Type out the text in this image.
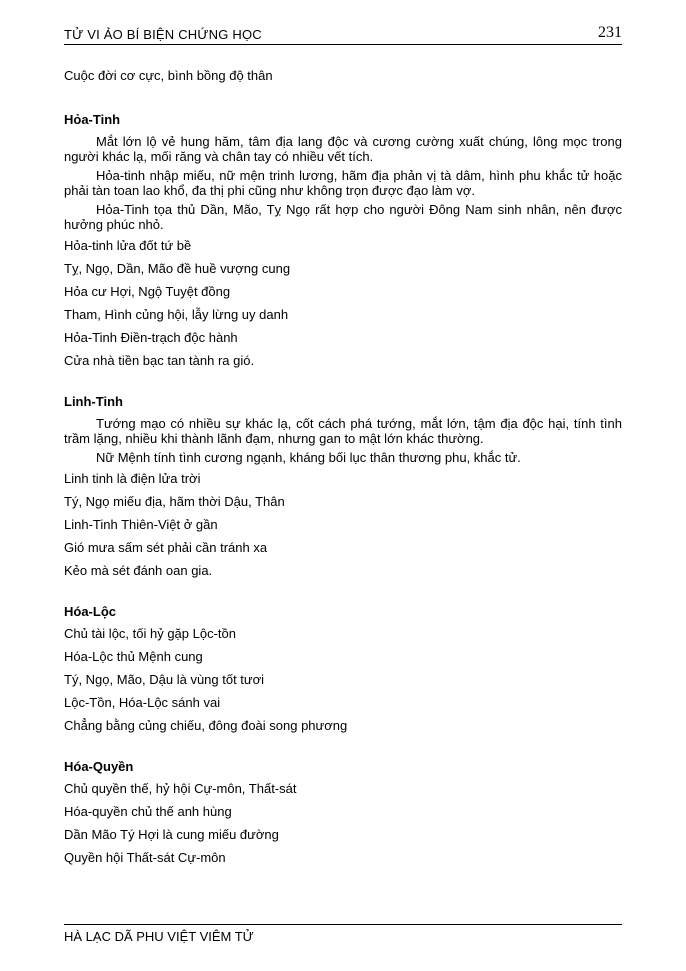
TỬ VI ẢO BÍ BIỆN CHỨNG HỌC	231
Cuộc đời cơ cực, bình bồng độ thân
Hỏa-Tinh
Mắt lớn lộ vẻ hung hăm, tâm địa lang độc và cương cường xuất chúng, lông mọc trong người khác lạ, mối răng và chân tay có nhiều vết tích.
Hỏa-tinh nhập miếu, nữ mện trinh lương, hãm địa phản vị tà dâm, hình phu khắc tử hoặc phải tàn toan lao khổ, đa thị phi cũng như không trọn được đạo làm vợ.
Hỏa-Tinh tọa thủ Dần, Mão, Tỵ Ngọ rất hợp cho người Đông Nam sinh nhân, nên được hưởng phúc nhỏ.
Hỏa-tinh lửa đốt tứ bề
Tỵ, Ngọ, Dần, Mão đề huề vượng cung
Hỏa cư Hợi, Ngộ Tuyệt đồng
Tham, Hình củng hội, lẫy lừng uy danh
Hỏa-Tinh Điền-trạch độc hành
Cửa nhà tiền bạc tan tành ra gió.
Linh-Tinh
Tướng mạo có nhiều sự khác lạ, cốt cách phá tướng, mắt lớn, tậm địa độc hại, tính tình trầm lặng, nhiều khi thành lãnh đạm, nhưng gan to mật lớn khác thường.
Nữ Mệnh tính tình cương ngạnh, kháng bối lục thân thương phu, khắc tử.
Linh tinh là điện lửa trời
Tý, Ngọ miếu địa, hãm thời Dậu, Thân
Linh-Tinh Thiên-Việt ở gần
Gió mưa sấm sét phải cần tránh xa
Kẻo mà sét đánh oan gia.
Hóa-Lộc
Chủ tài lộc, tối hỷ gặp Lộc-tồn
Hóa-Lộc thủ Mệnh cung
Tý, Ngọ, Mão, Dậu là vùng tốt tươi
Lộc-Tồn, Hóa-Lộc sánh vai
Chẳng bằng củng chiếu, đông đoài song phương
Hóa-Quyền
Chủ quyền thế, hỷ hội Cự-môn, Thất-sát
Hóa-quyền chủ thế anh hùng
Dần Mão Tý Hợi là cung miếu đường
Quyền hội Thất-sát Cự-môn
HÀ LẠC DÃ PHU VIỆT VIÊM TỬ
